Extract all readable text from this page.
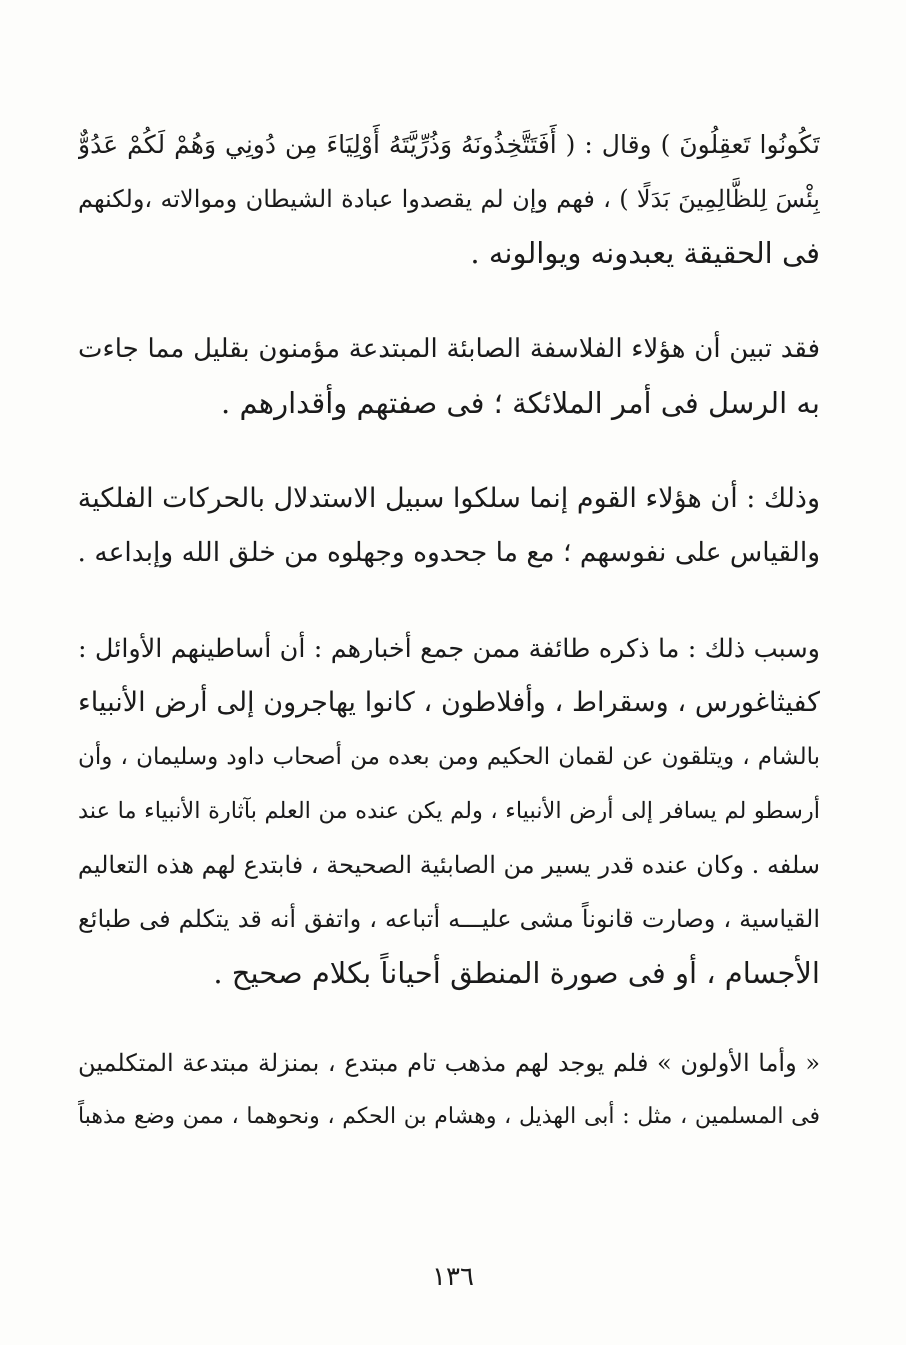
تَكُونُوا تَعقِلُونَ ) وقال : ( أَفَتَتَّخِذُونَهُ وَذُرِّيَّتَهُ أَوْلِيَاءَ مِن دُونِي وَهُمْ لَكُمْ عَدُوٌّ
بِئْسَ لِلظَّالِمِينَ بَدَلًا ) ، فهم وإن لم يقصدوا عبادة الشيطان وموالاته ،ولكنهم
فى الحقيقة يعبدونه ويوالونه .
فقد تبين أن هؤلاء الفلاسفة الصابئة المبتدعة مؤمنون بقليل مما جاءت
به الرسل فى أمر الملائكة ؛ فى صفتهم وأقدارهم .
وذلك : أن هؤلاء القوم إنما سلكوا سبيل الاستدلال بالحركات الفلكية
والقياس على نفوسهم ؛ مع ما جحدوه وجهلوه من خلق الله وإبداعه .
وسبب ذلك : ما ذكره طائفة ممن جمع أخبارهم : أن أساطينهم الأوائل :
كفيثاغورس ، وسقراط ، وأفلاطون ، كانوا يهاجرون إلى أرض الأنبياء
بالشام ، ويتلقون عن لقمان الحكيم ومن بعده من أصحاب داود وسليمان ، وأن
أرسطو لم يسافر إلى أرض الأنبياء ، ولم يكن عنده من العلم بآثارة الأنبياء ما عند
سلفه . وكان عنده قدر يسير من الصابئية الصحيحة ، فابتدع لهم هذه التعاليم
القياسية ، وصارت قانوناً مشى عليـــه أتباعه ، واتفق أنه قد يتكلم فى طبائع
الأجسام ، أو فى صورة المنطق أحياناً بكلام صحيح .
« وأما الأولون » فلم يوجد لهم مذهب تام مبتدع ، بمنزلة مبتدعة المتكلمين
فى المسلمين ، مثل : أبى الهذيل ، وهشام بن الحكم ، ونحوهما ، ممن وضع مذهباً
١٣٦
